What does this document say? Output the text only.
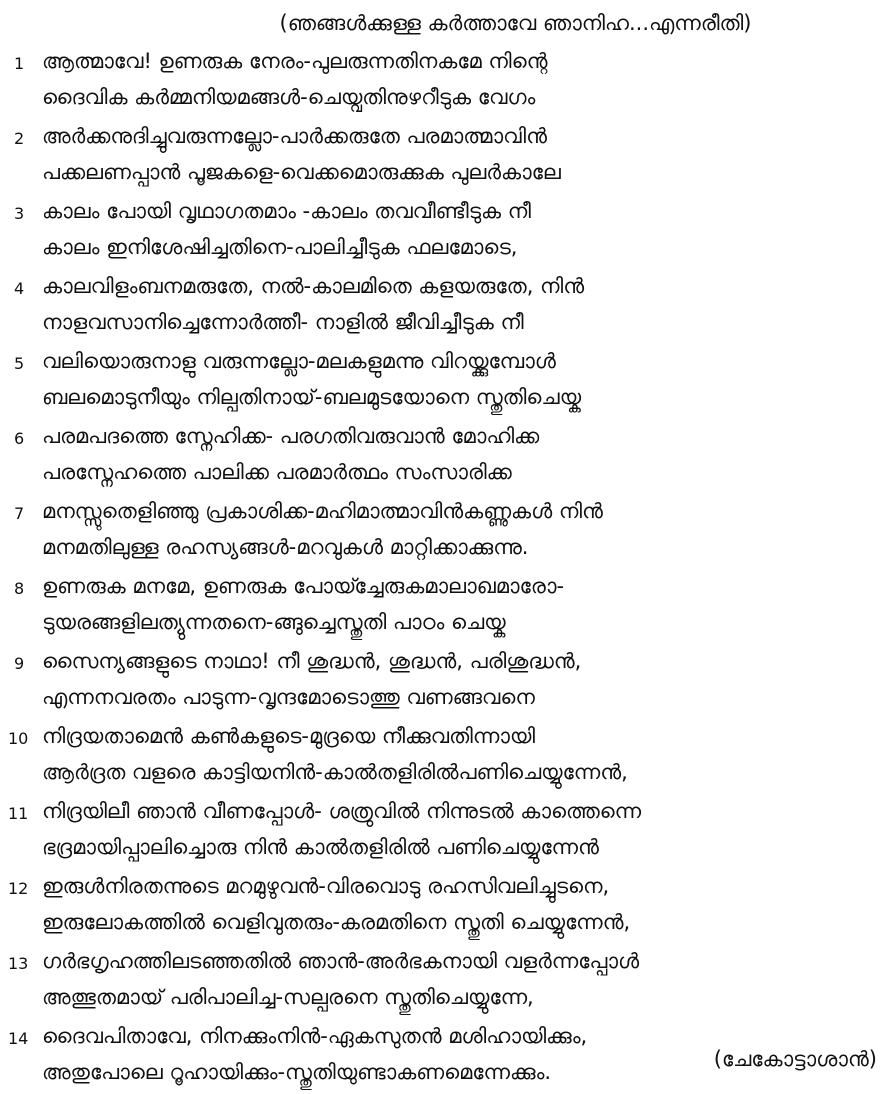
(ഞങ്ങൾക്കുള്ള കർത്താവേ ഞാനിഹ...എന്നരീതി)
1 ആത്മാവേ! ഉണരുക നേരം-പുലരുന്നതിനകമേ നിന്റെ
ദൈവിക കർമ്മനിയമങ്ങൾ-ചെയ്വതിനുഴറീടുക വേഗം
2 അർക്കനുദിച്ചുവരുന്നല്ലോ-പാർക്കരുതേ പരമാത്മാവിൻ
പക്കലണപ്പാൻ പൂജകളെ-വെക്കമൊരുക്കുക പുലർകാലേ
3 കാലം പോയി വൃഥാഗതമാം -കാലം തവവീണ്ടീടുക നീ
കാലം ഇനിശേഷിച്ചതിനെ-പാലിച്ചീടുക ഫലമോടെ,
4 കാലവിളംബനമരുതേ, നൽ-കാലമിതെ കളയരുതേ, നിൻ
നാളവസാനിച്ചെന്നോർത്തീ- നാളിൽ ജീവിച്ചീടുക നീ
5 വലിയൊരുനാളു വരുന്നല്ലോ-മലകളുമന്നു വിറയ്ക്കുമ്പോൾ
ബലമൊടുനീയും നില്പതിനായ്-ബലമുടയോനെ സ്തുതിചെയ്ക
6 പരമപദത്തെ സ്നേഹിക്ക- പരഗതിവരുവാൻ മോഹിക്ക
പരസ്നേഹത്തെ പാലിക്ക പരമാർത്ഥം സംസാരിക്ക
7 മനസ്സുതെളിഞ്ഞു പ്രകാശിക്ക-മഹിമാത്മാവിൻകണ്ണുകൾ നിൻ
മനമതിലുള്ള രഹസ്യങ്ങൾ-മറവുകൾ മാറ്റിക്കാക്കുന്നു.
8 ഉണരുക മനമേ, ഉണരുക പോയ്ച്ചേരുകമാലാഖമാരോ-
ടുയരങ്ങളിലത്യുന്നതനെ-ങ്ങുച്ചെസ്തുതി പാഠം ചെയ്ക
9 സൈന്യങ്ങളുടെ നാഥാ! നീ ശുദ്ധൻ, ശുദ്ധൻ, പരിശുദ്ധൻ,
എന്നനവരതം പാടുന്ന-വൃന്ദമോടൊത്തു വണങ്ങവനെ
10 നിദ്രയതാമെൻ കൺകളുടെ-മുദ്രയെ നീക്കുവതിന്നായി
ആർദ്രത വളരെ കാട്ടിയനിൻ-കാൽതളിരിൽപണിചെയ്യുന്നേൻ,
11 നിദ്രയിലീ ഞാൻ വീണപ്പോൾ- ശത്രുവിൽ നിന്നുടൽ കാത്തെന്നെ
ഭദ്രമായിപ്പാലിച്ചൊരു നിൻ കാൽതളിരിൽ പണിചെയ്യുന്നേൻ
12 ഇരുൾനിരതന്നുടെ മറമുഴുവൻ-വിരവൊടു രഹസിവലിച്ചുടനെ,
ഇരുലോകത്തിൽ വെളിവുതരും-കരമതിനെ സ്തുതി ചെയ്യുന്നേൻ,
13 ഗർഭഗൃഹത്തിലടഞ്ഞതിൽ ഞാൻ-അർഭകനായി വളർന്നപ്പോൾ
അത്ഭുതമായ് പരിപാലിച്ച-സല്പരനെ സ്തുതിചെയ്യുന്നേ,
14 ദൈവപിതാവേ, നിനക്കുംനിൻ-ഏകസുതൻ മശിഹായിക്കും,
അതുപോലെ റൂഹായിക്കും-സ്തുതിയുണ്ടാകണമെന്നേക്കും.
(ചേകോട്ടാശാൻ)
